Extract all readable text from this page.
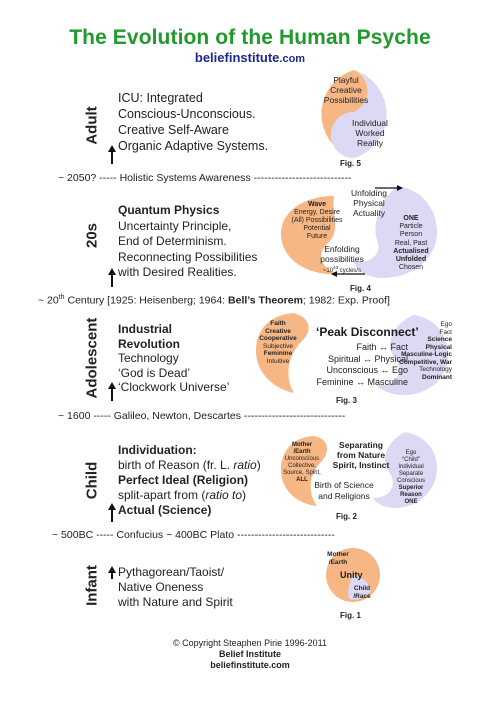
The Evolution of the Human Psyche
beliefinstitute.com
Adult
ICU: Integrated
Conscious-Unconscious.
Creative Self-Aware
Organic Adaptive Systems.
Playful
Creative
Possibilities
Individual
Worked
Reality
Fig. 5
~ 2050? ----- Holistic Systems Awareness ----------------------------
20s
Quantum Physics
Uncertainty Principle,
End of Determinism.
Reconnecting Possibilities
with Desired Realities.
Wave
Energy, Desire
(All) Possibilities
Potential
Future
Unfolding
Physical
Actuality
Enfolding
possibilities
$\sim 10^{43}$ cycles/s
ONE
Particle
Person
Real, Past
Actualised
Unfolded
Chosen
Fig. 4
~ 20th Century [1925: Heisenberg; 1964: Bell’s Theorem; 1982: Exp. Proof]
Adolescent Industrial
Revolution
Technology
‘God is Dead’
‘Clockwork Universe’
Faith
Creative
Cooperative
Subjective
Feminine
Intuitive
‘Peak Disconnect’
Faith ↔ Fact
Spiritual ↔ Physical
Unconscious ↔ Ego
Feminine ↔ Masculine
Ego
Fact
Science
Physical
Masculine-Logic
Competitive, War
Technology
Dominant
Fig. 3
~ 1600 ----- Galileo, Newton, Descartes -----------------------------
Child
Individuation:
birth of Reason (fr. L. ratio)
Perfect Ideal (Religion)
split-apart from (ratio to)
Actual (Science)
Mother
/Earth
Unconscious
Collective,
Source, Spirit,
ALL
Separating
from Nature
Spirit, Instinct
Birth of Science
and Religions
Ego
“Child”
Individual
Separate
Conscious
Superior
Reason
ONE
Fig. 2
~ 500BC ----- Confucius ~ 400BC Plato ----------------------------
Infant Pythagorean/Taoist/
Native Oneness
with Nature and Spirit
Mother
/Earth
Unity
Child
/Race
Fig. 1
© Copyright Steaphen Pirie 1996-2011
Belief Institute
beliefinstitute.com
